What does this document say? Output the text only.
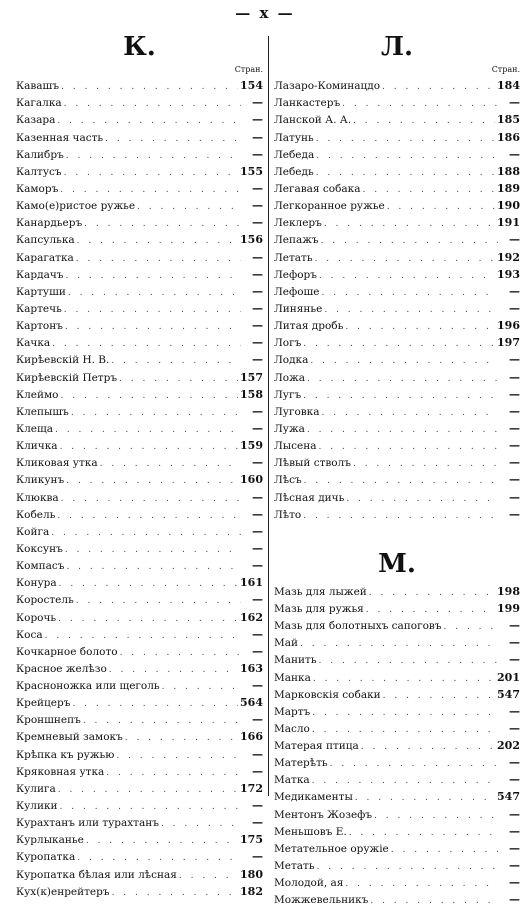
— x —
К.
Стран.
Кавашъ . . .	154
Кагалка . . .	—
Казара . . .	—
Казенная часть . . .	—
Калибръ . . .	—
Калтусъ . . .	155
Каморъ . . .	—
Камо(е)ристое ружье . . .	—
Канардьеръ . . .	—
Капсулька . . .	156
Карагатка . . .	—
Кардачъ . . .	—
Картуши . . .	—
Картечь . . .	—
Картонъ . . .	—
Качка . . .	—
Кирѣевскій Н. В. . . .	—
Кирѣевскій Петръ . . .	157
Клеймо . . .	158
Клепышъ . . .	—
Клеща . . .	—
Кличка . . .	159
Кликовая утка . . .	—
Кликунъ . . .	160
Клюква . . .	—
Кобель . . .	—
Койга . . .	—
Коксунъ . . .	—
Компасъ . . .	—
Конура . . .	161
Коростель . . .	—
Корочь . . .	162
Коса . . .	—
Кочкарное болото . . .	—
Красное желѣзо . . .	163
Красноножка или щеголь . . .	—
Крейцеръ . . .	564
Кроншнепъ . . .	—
Кремневый замокъ . . .	166
Крѣпка къ ружью . . .	—
Кряковная утка . . .	—
Кулига . . .	172
Кулики . . .	—
Курахтанъ или турахтанъ . . .	—
Курлыканье . . .	175
Куропатка . . .	—
Куропатка бѣлая или лѣсная . . .	180
Кух(к)енрейтеръ . . .	182
Л.
Стран.
Лазаро-Коминацдо . . .	184
Ланкастеръ . . .	—
Ланской А. А. . . .	185
Латунь . . .	186
Лебеда . . .	—
Лебедь . . .	188
Легавая собака . . .	189
Легкоранное ружье . . .	190
Леклеръ . . .	191
Лепажъ . . .	—
Летать . . .	192
Лефоръ . . .	193
Лефоше . . .	—
Линянье . . .	—
Литая дробь . . .	196
Логъ . . .	197
Лодка . . .	—
Ложа . . .	—
Лугъ . . .	—
Луговка . . .	—
Лужа . . .	—
Лысена . . .	—
Лѣвый стволъ . . .	—
Лѣсъ . . .	—
Лѣсная дичь . . .	—
Лѣто . . .	—
М.
Мазь для лыжей . . .	198
Мазь для ружья . . .	199
Мазь для болотныхъ сапоговъ . . .	—
Май . . .	—
Манить . . .	—
Манка . . .	201
Марковскія собаки . . .	547
Мартъ . . .	—
Масло . . .	—
Матерая птица . . .	202
Матерѣть . . .	—
Матка . . .	—
Медикаменты . . .	547
Ментонъ Жозефъ . . .	—
Меньшовъ Е. . . .	—
Метательное оружіе . . .	—
Метать . . .	—
Молодой, ая . . .	—
Можжевельникъ . . .	—
